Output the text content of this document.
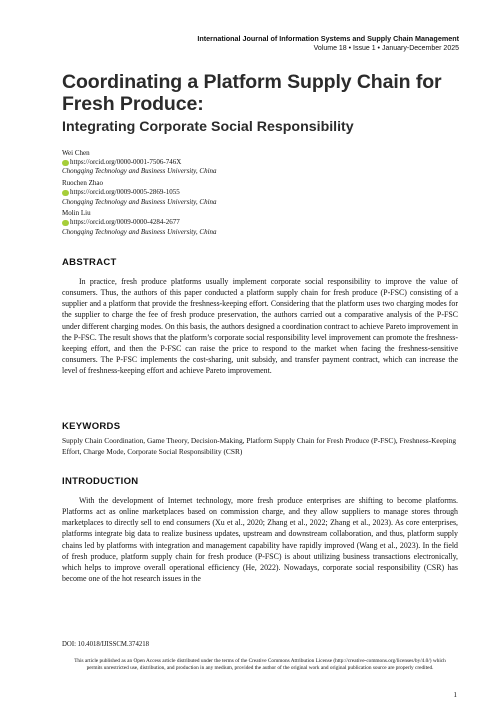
International Journal of Information Systems and Supply Chain Management
Volume 18 • Issue 1 • January-December 2025
Coordinating a Platform Supply Chain for Fresh Produce:
Integrating Corporate Social Responsibility
Wei Chen
https://orcid.org/0000-0001-7506-746X
Chongqing Technology and Business University, China
Ruochen Zhao
https://orcid.org/0009-0005-2869-1055
Chongqing Technology and Business University, China
Molin Liu
https://orcid.org/0009-0000-4284-2677
Chongqing Technology and Business University, China
ABSTRACT

In practice, fresh produce platforms usually implement corporate social responsibility to improve the value of consumers. Thus, the authors of this paper conducted a platform supply chain for fresh produce (P-FSC) consisting of a supplier and a platform that provide the freshness-keeping effort. Considering that the platform uses two charging modes for the supplier to charge the fee of fresh produce preservation, the authors carried out a comparative analysis of the P-FSC under different charging modes. On this basis, the authors designed a coordination contract to achieve Pareto improvement in the P-FSC. The result shows that the platform’s corporate social responsibility level improvement can promote the freshness-keeping effort, and then the P-FSC can raise the price to respond to the market when facing the freshness-sensitive consumers. The P-FSC implements the cost-sharing, unit subsidy, and transfer payment contract, which can increase the level of freshness-keeping effort and achieve Pareto improvement.

KEYWORDS

Supply Chain Coordination, Game Theory, Decision-Making, Platform Supply Chain for Fresh Produce (P-FSC), Freshness-Keeping Effort, Charge Mode, Corporate Social Responsibility (CSR)

INTRODUCTION

With the development of Internet technology, more fresh produce enterprises are shifting to become platforms. Platforms act as online marketplaces based on commission charge, and they allow suppliers to manage stores through marketplaces to directly sell to end consumers (Xu et al., 2020; Zhang et al., 2022; Zhang et al., 2023). As core enterprises, platforms integrate big data to realize business updates, upstream and downstream collaboration, and thus, platform supply chains led by platforms with integration and management capability have rapidly improved (Wang et al., 2023). In the field of fresh produce, platform supply chain for fresh produce (P-FSC) is about utilizing business transactions electronically, which helps to improve overall operational efficiency (He, 2022). Nowadays, corporate social responsibility (CSR) has become one of the hot research issues in the

DOI: 10.4018/IJISSCM.374218
This article published as an Open Access article distributed under the terms of the Creative Commons Attribution License (http://creative-commons.org/licenses/by/4.0/) which permits unrestricted use, distribution, and production in any medium, provided the author of the original work and original publication source are properly credited.
1
